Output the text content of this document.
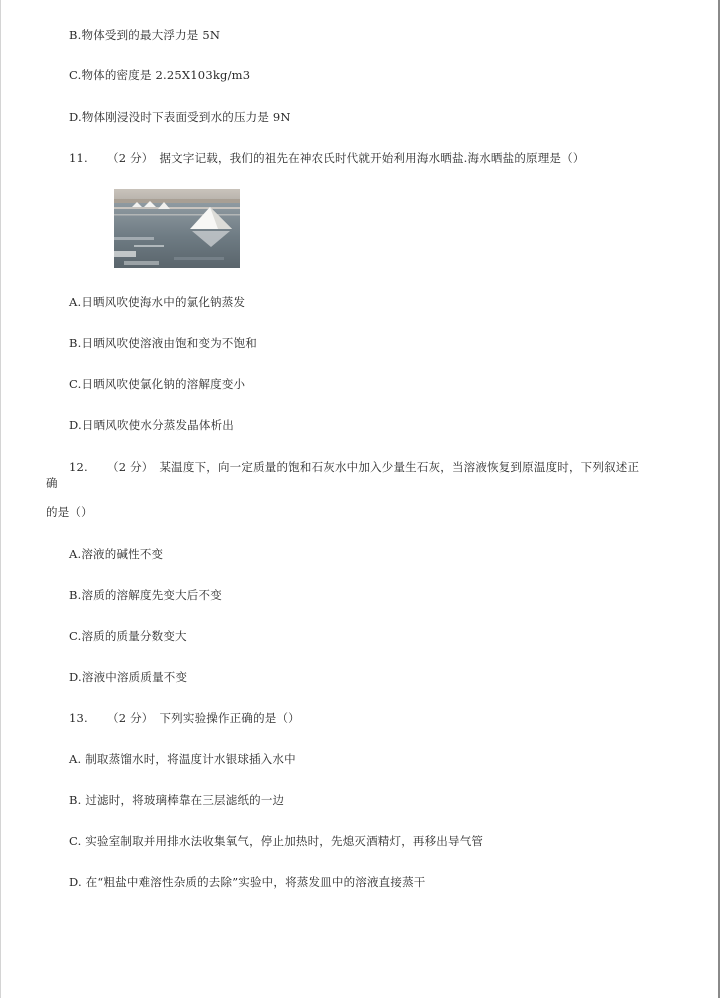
B.物体受到的最大浮力是 5N
C.物体的密度是 2.25X103kg/m3
D.物体刚浸没时下表面受到水的压力是 9N
11. （2 分） 据文字记载，我们的祖先在神农氏时代就开始利用海水晒盐.海水晒盐的原理是（）
A.日晒风吹使海水中的氯化钠蒸发
B.日晒风吹使溶液由饱和变为不饱和
C.日晒风吹使氯化钠的溶解度变小
D.日晒风吹使水分蒸发晶体析出
12. （2 分） 某温度下，向一定质量的饱和石灰水中加入少量生石灰，当溶液恢复到原温度时，下列叙述正
确
的是（）
A.溶液的碱性不变
B.溶质的溶解度先变大后不变
C.溶质的质量分数变大
D.溶液中溶质质量不变
13. （2 分） 下列实验操作正确的是（）
A. 制取蒸馏水时，将温度计水银球插入水中
B. 过滤时，将玻璃棒靠在三层滤纸的一边
C. 实验室制取并用排水法收集氧气，停止加热时，先熄灭酒精灯，再移出导气管
D. 在“粗盐中难溶性杂质的去除”实验中，将蒸发皿中的溶液直接蒸干
